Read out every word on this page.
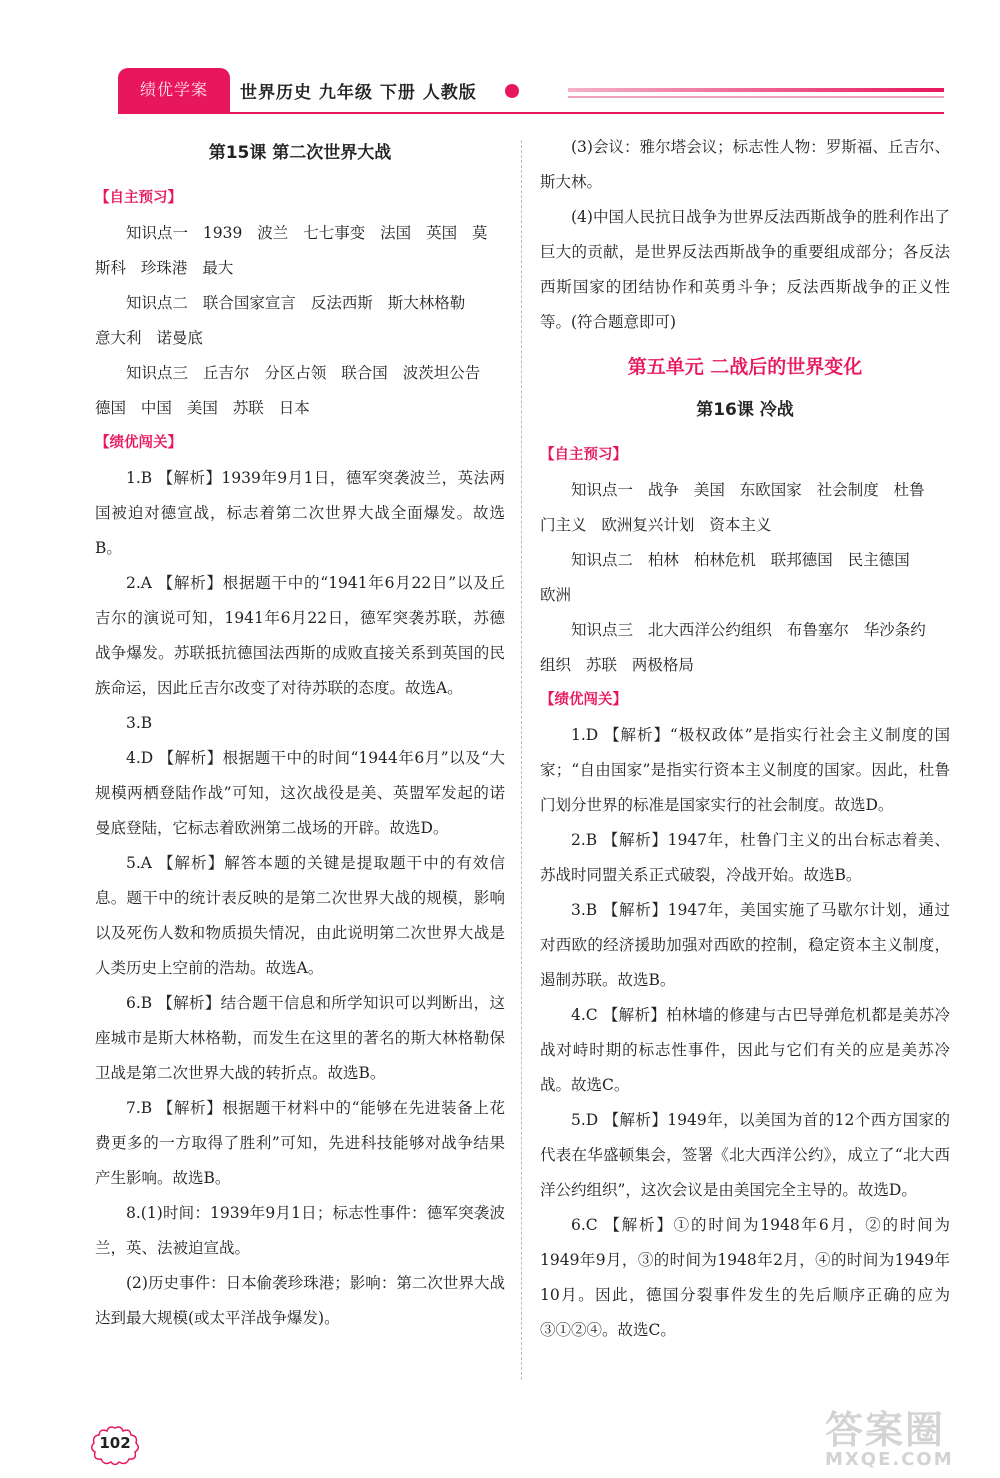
绩优学案	世界历史 九年级 下册 人教版
第15课 第二次世界大战
【自主预习】
知识点一 1939 波兰 七七事变 法国 英国 莫
斯科 珍珠港 最大
知识点二 联合国家宣言 反法西斯 斯大林格勒
意大利 诺曼底
知识点三 丘吉尔 分区占领 联合国 波茨坦公告
德国 中国 美国 苏联 日本
【绩优闯关】

1.B 【解析】1939年9月1日，德军突袭波兰，英法两国被迫对德宣战，标志着第二次世界大战全面爆发。故选B。

2.A 【解析】根据题干中的“1941年6月22日”以及丘吉尔的演说可知，1941年6月22日，德军突袭苏联，苏德战争爆发。苏联抵抗德国法西斯的成败直接关系到英国的民族命运，因此丘吉尔改变了对待苏联的态度。故选A。

3.B

4.D 【解析】根据题干中的时间“1944年6月”以及“大规模两栖登陆作战”可知，这次战役是美、英盟军发起的诺曼底登陆，它标志着欧洲第二战场的开辟。故选D。

5.A 【解析】解答本题的关键是提取题干中的有效信息。题干中的统计表反映的是第二次世界大战的规模，影响以及死伤人数和物质损失情况，由此说明第二次世界大战是人类历史上空前的浩劫。故选A。

6.B 【解析】结合题干信息和所学知识可以判断出，这座城市是斯大林格勒，而发生在这里的著名的斯大林格勒保卫战是第二次世界大战的转折点。故选B。

7.B 【解析】根据题干材料中的“能够在先进装备上花费更多的一方取得了胜利”可知，先进科技能够对战争结果产生影响。故选B。

8.(1)时间：1939年9月1日；标志性事件：德军突袭波兰，英、法被迫宣战。

(2)历史事件：日本偷袭珍珠港；影响：第二次世界大战达到最大规模(或太平洋战争爆发)。

(3)会议：雅尔塔会议；标志性人物：罗斯福、丘吉尔、斯大林。

(4)中国人民抗日战争为世界反法西斯战争的胜利作出了巨大的贡献，是世界反法西斯战争的重要组成部分；各反法西斯国家的团结协作和英勇斗争；反法西斯战争的正义性等。(符合题意即可)

第五单元 二战后的世界变化
第16课 冷战
【自主预习】
知识点一 战争 美国 东欧国家 社会制度 杜鲁
门主义 欧洲复兴计划 资本主义
知识点二 柏林 柏林危机 联邦德国 民主德国
欧洲
知识点三 北大西洋公约组织 布鲁塞尔 华沙条约
组织 苏联 两极格局
【绩优闯关】

1.D 【解析】“极权政体”是指实行社会主义制度的国家；“自由国家”是指实行资本主义制度的国家。因此，杜鲁门划分世界的标准是国家实行的社会制度。故选D。

2.B 【解析】1947年，杜鲁门主义的出台标志着美、苏战时同盟关系正式破裂，冷战开始。故选B。

3.B 【解析】1947年，美国实施了马歇尔计划，通过对西欧的经济援助加强对西欧的控制，稳定资本主义制度，遏制苏联。故选B。

4.C 【解析】柏林墙的修建与古巴导弹危机都是美苏冷战对峙时期的标志性事件，因此与它们有关的应是美苏冷战。故选C。

5.D 【解析】1949年，以美国为首的12个西方国家的代表在华盛顿集会，签署《北大西洋公约》，成立了“北大西洋公约组织”，这次会议是由美国完全主导的。故选D。

6.C 【解析】①的时间为1948年6月，②的时间为1949年9月，③的时间为1948年2月，④的时间为1949年10月。因此，德国分裂事件发生的先后顺序正确的应为③①②④。故选C。

102	答案圈
MXQE.COM
